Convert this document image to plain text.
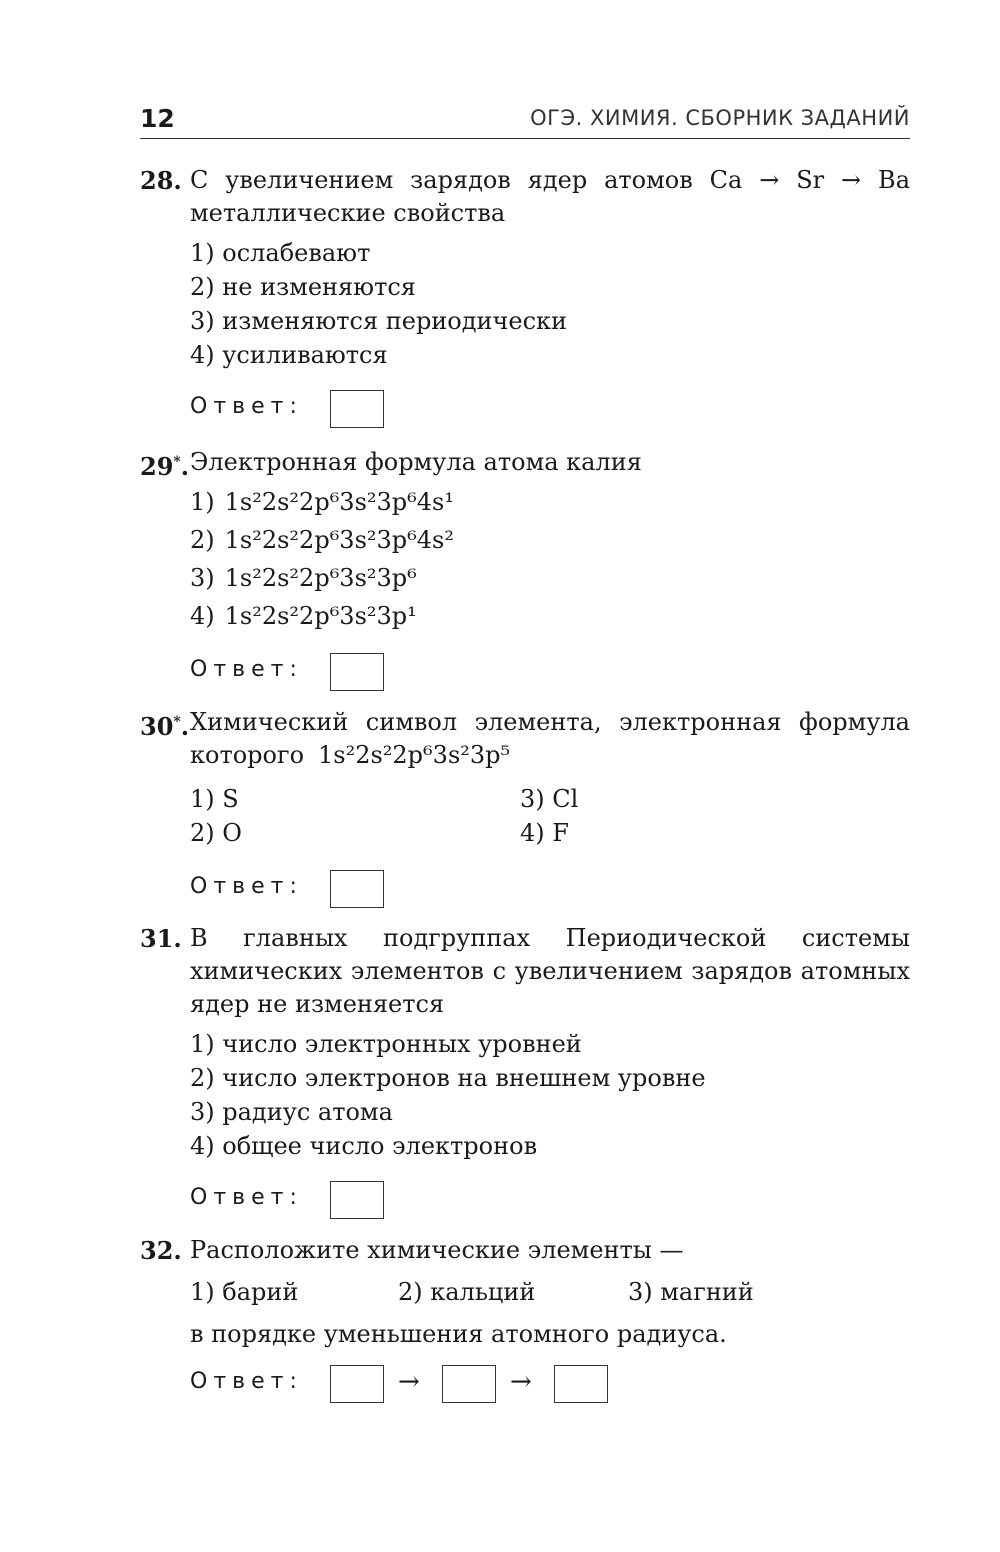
12	ОГЭ. ХИМИЯ. СБОРНИК ЗАДАНИЙ
28. С увеличением зарядов ядер атомов Ca → Sr → Ba металлические свойства
1) ослабевают
2) не изменяются
3) изменяются периодически
4) усиливаются
Ответ:
29*. Электронная формула атома калия
1) 1s²2s²2p⁶3s²3p⁶4s¹
2) 1s²2s²2p⁶3s²3p⁶4s²
3) 1s²2s²2p⁶3s²3p⁶
4) 1s²2s²2p⁶3s²3p¹
Ответ:
30*. Химический символ элемента, электронная формула которого 1s²2s²2p⁶3s²3p⁵
1) S	3) Cl
2) O	4) F
Ответ:
31. В главных подгруппах Периодической системы химических элементов с увеличением зарядов атомных ядер не изменяется
1) число электронных уровней
2) число электронов на внешнем уровне
3) радиус атома
4) общее число электронов
Ответ:
32. Расположите химические элементы —
1) барий	2) кальций	3) магний
в порядке уменьшения атомного радиуса.
Ответ:	→	→
